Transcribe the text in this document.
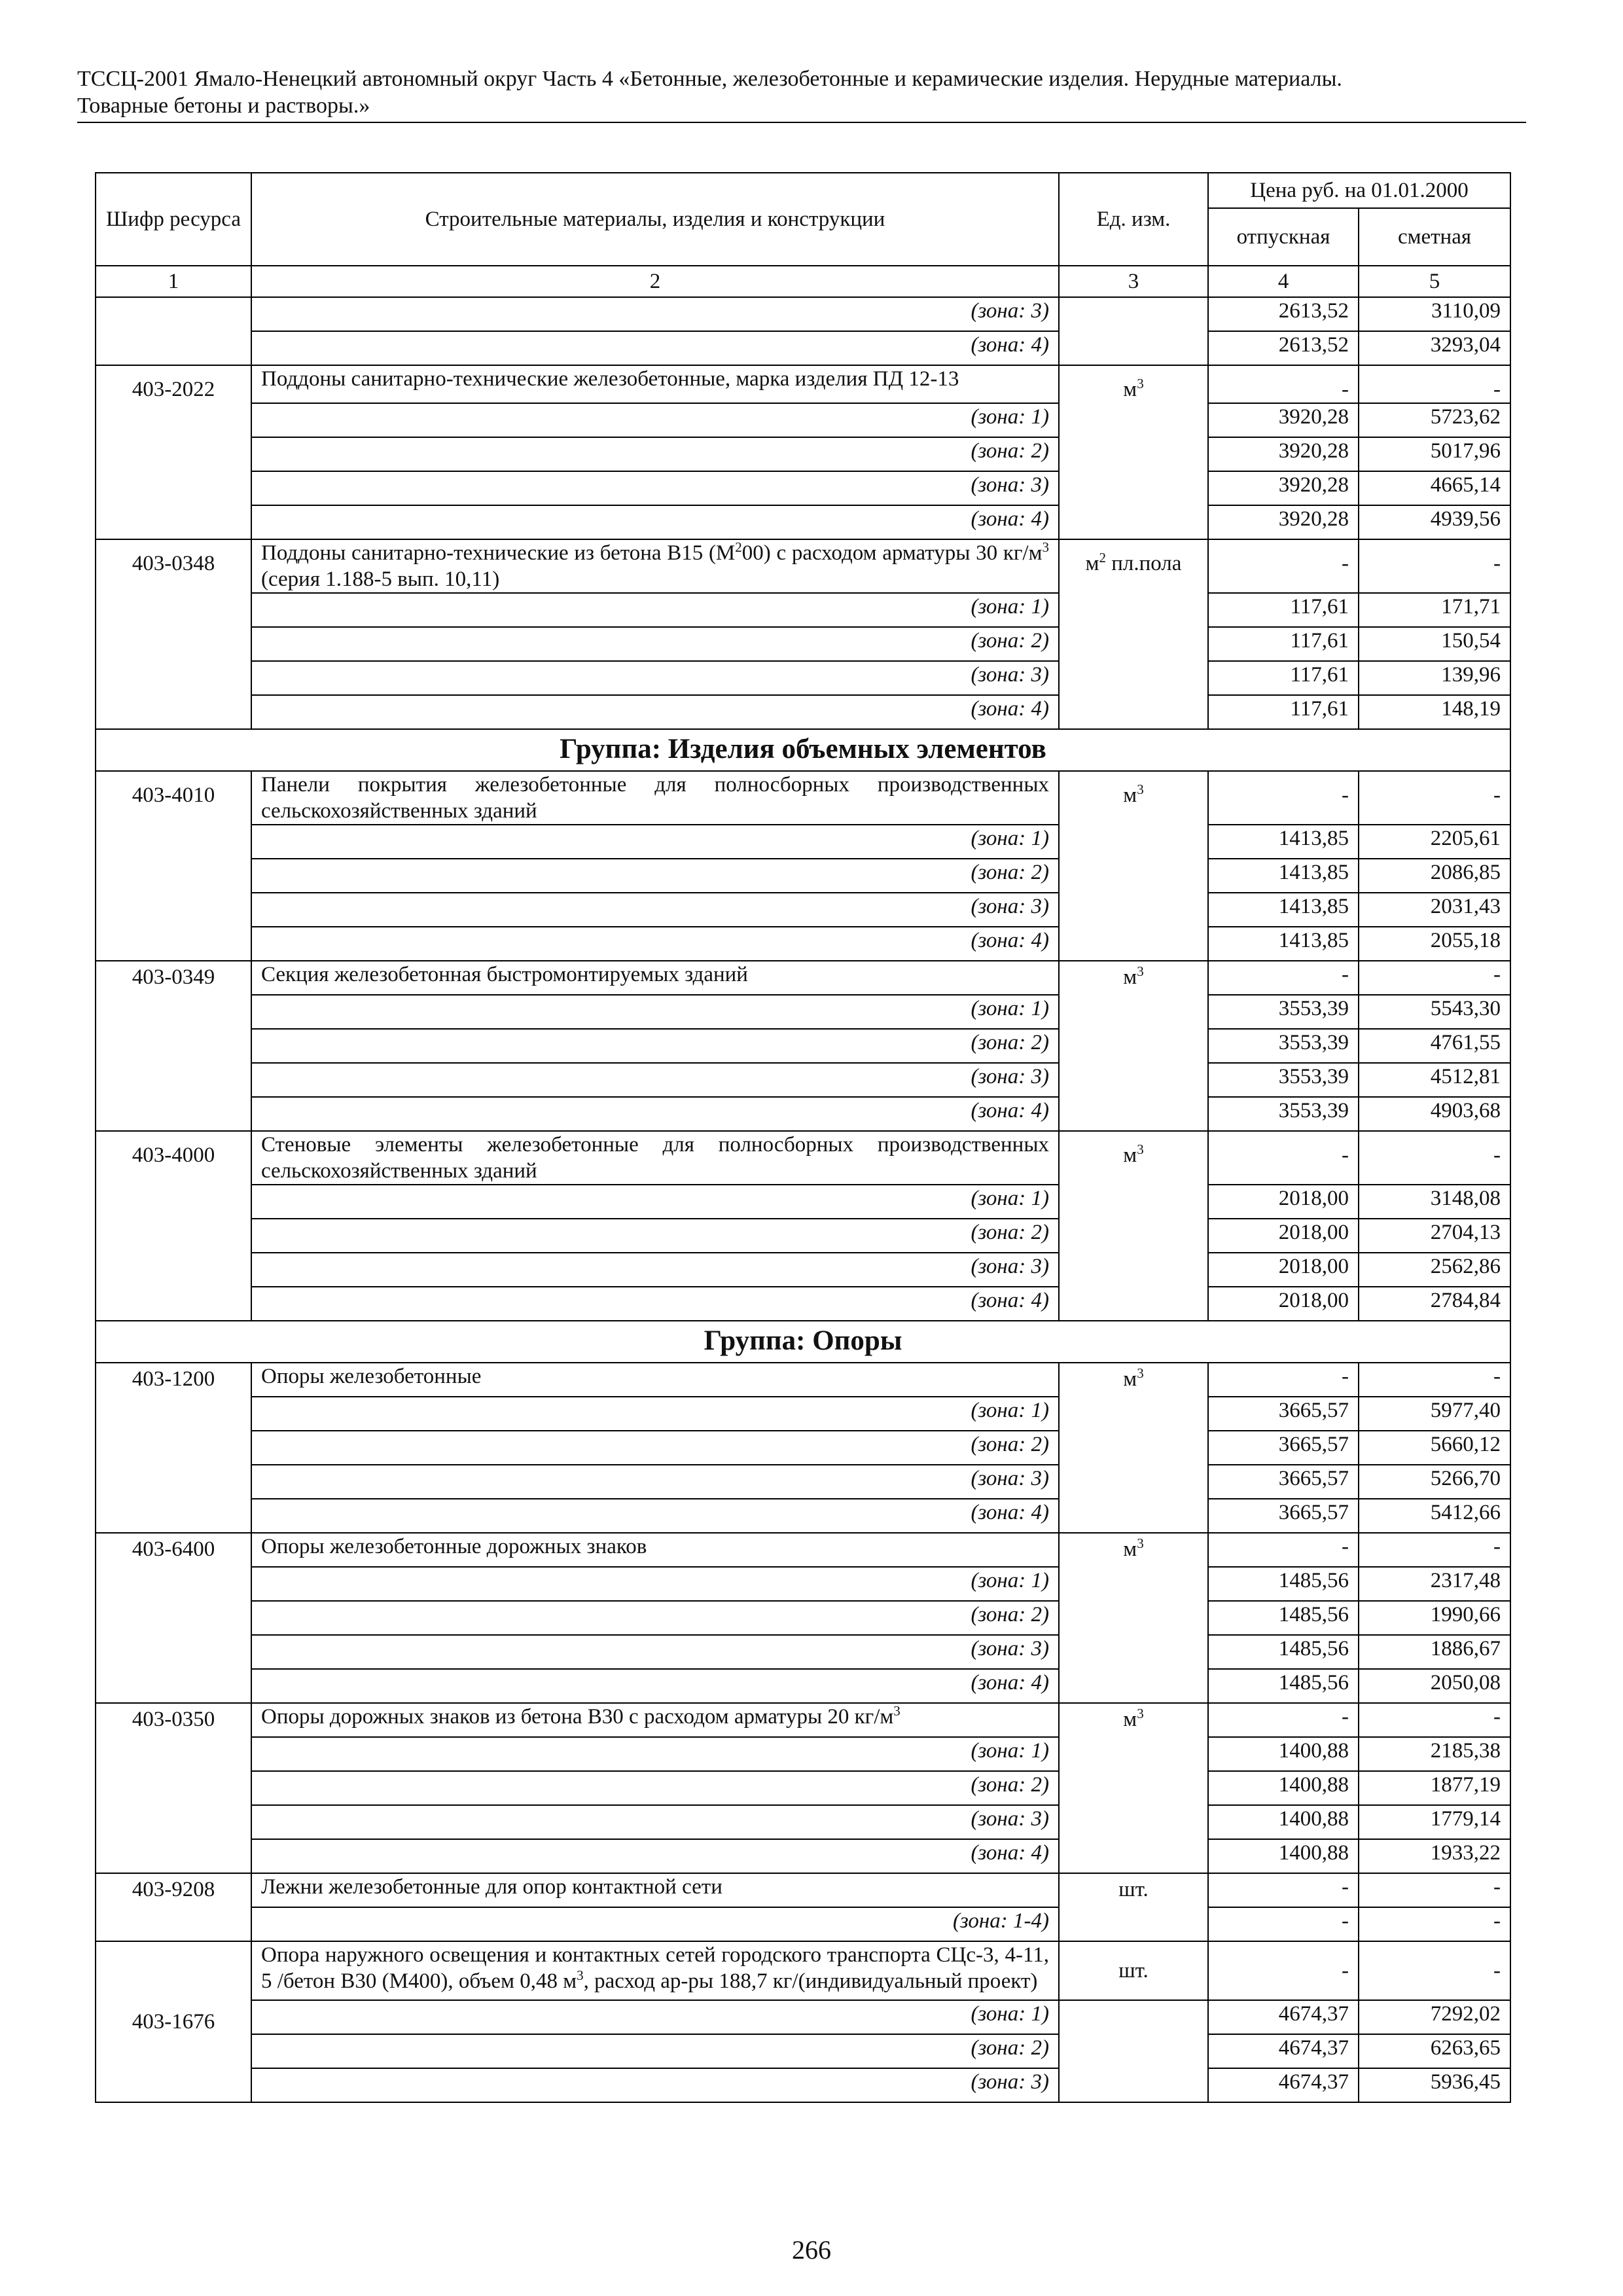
ТССЦ-2001 Ямало-Ненецкий автономный округ Часть 4 «Бетонные, железобетонные и керамические изделия. Нерудные материалы.
Товарные бетоны и растворы.»
Шифр ресурса	Строительные материалы, изделия и конструкции	Ед. изм.	Цена руб. на 01.01.2000	
			отпускная	сметная
1	2	3	4	5
	(зона: 3)		2613,52	3110,09
	(зона: 4)		2613,52	3293,04
403-2022	Поддоны санитарно-технические железобетонные, марка изделия ПД 12-13	$м^3$	-	-
	(зона: 1)		3920,28	5723,62
	(зона: 2)		3920,28	5017,96
	(зона: 3)		3920,28	4665,14
	(зона: 4)		3920,28	4939,56
403-0348	Поддоны санитарно-технические из бетона В15 $(М^200)$ с расходом арматуры 30 $кг/м^3$ (серия 1.188-5 вып. 10,11)	$м^2$ пл.пола	-	-
	(зона: 1)		117,61	171,71
	(зона: 2)		117,61	150,54
	(зона: 3)		117,61	139,96
	(зона: 4)		117,61	148,19
Группа: Изделия объемных элементов				
403-4010	Панели покрытия железобетонные для полносборных производственных сельскохозяйственных зданий	$м^3$	-	-
	(зона: 1)		1413,85	2205,61
	(зона: 2)		1413,85	2086,85
	(зона: 3)		1413,85	2031,43
	(зона: 4)		1413,85	2055,18
403-0349	Секция железобетонная быстромонтируемых зданий	$м^3$	-	-
	(зона: 1)		3553,39	5543,30
	(зона: 2)		3553,39	4761,55
	(зона: 3)		3553,39	4512,81
	(зона: 4)		3553,39	4903,68
403-4000	Стеновые элементы железобетонные для полносборных производственных сельскохозяйственных зданий	$м^3$	-	-
	(зона: 1)		2018,00	3148,08
	(зона: 2)		2018,00	2704,13
	(зона: 3)		2018,00	2562,86
	(зона: 4)		2018,00	2784,84
Группа: Опоры				
403-1200	Опоры железобетонные	$м^3$	-	-
	(зона: 1)		3665,57	5977,40
	(зона: 2)		3665,57	5660,12
	(зона: 3)		3665,57	5266,70
	(зона: 4)		3665,57	5412,66
403-6400	Опоры железобетонные дорожных знаков	$м^3$	-	-
	(зона: 1)		1485,56	2317,48
	(зона: 2)		1485,56	1990,66
	(зона: 3)		1485,56	1886,67
	(зона: 4)		1485,56	2050,08
403-0350	Опоры дорожных знаков из бетона В30 с расходом арматуры 20 $кг/м^3$	$м^3$	-	-
	(зона: 1)		1400,88	2185,38
	(зона: 2)		1400,88	1877,19
	(зона: 3)		1400,88	1779,14
	(зона: 4)		1400,88	1933,22
403-9208	Лежни железобетонные для опор контактной сети	шт.	-	-
	(зона: 1-4)		-	-
403-1676	Опора наружного освещения и контактных сетей городского транспорта СЦс-3, 4-11, 5 /бетон В30 (М400), объем 0,48 $м^3$, расход ар-ры 188,7 кг/(индивидуальный проект)	шт.	-	-
	(зона: 1)		4674,37	7292,02
	(зона: 2)		4674,37	6263,65
	(зона: 3)		4674,37	5936,45
266
